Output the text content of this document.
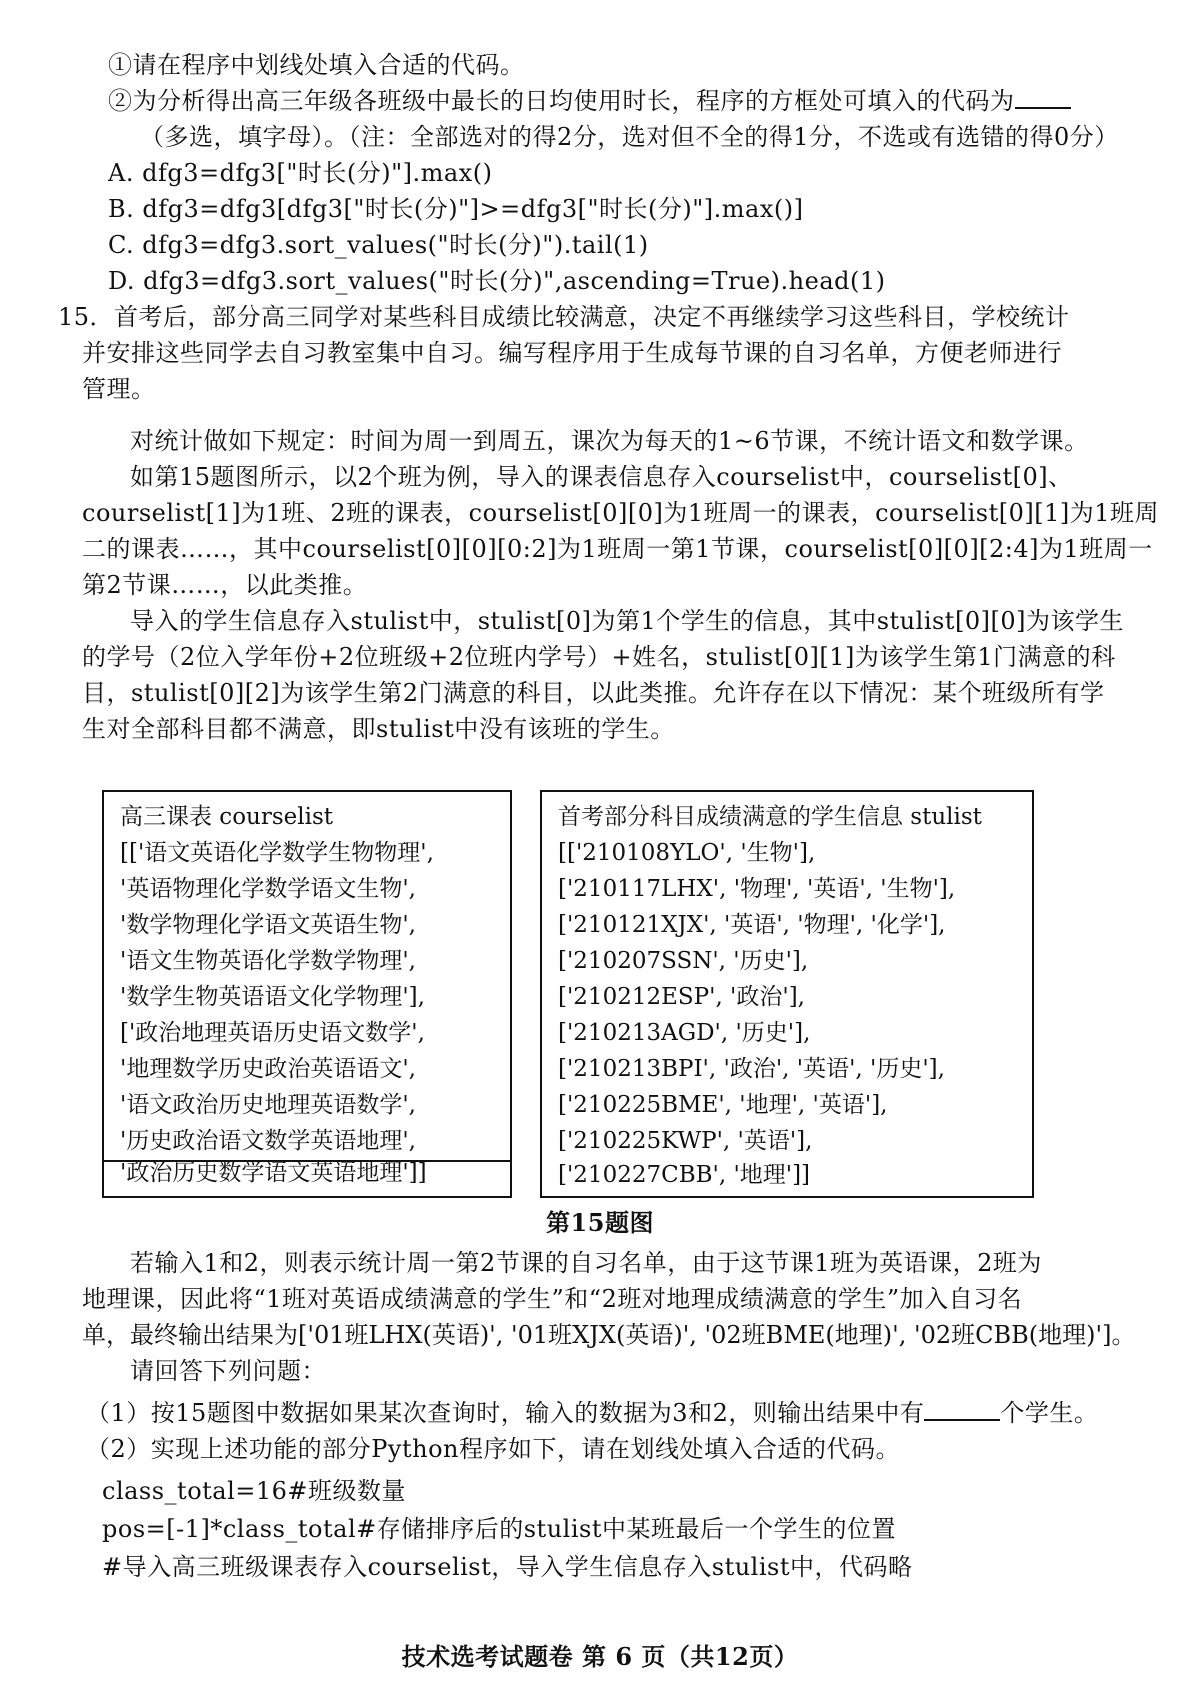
①请在程序中划线处填入合适的代码。
②为分析得出高三年级各班级中最长的日均使用时长，程序的方框处可填入的代码为
（多选，填字母）。（注：全部选对的得2分，选对但不全的得1分，不选或有选错的得0分）
A. dfg3=dfg3["时长(分)"].max()
B. dfg3=dfg3[dfg3["时长(分)"]>=dfg3["时长(分)"].max()]
C. dfg3=dfg3.sort_values("时长(分)").tail(1)
D. dfg3=dfg3.sort_values("时长(分)",ascending=True).head(1)
15．首考后，部分高三同学对某些科目成绩比较满意，决定不再继续学习这些科目，学校统计
并安排这些同学去自习教室集中自习。编写程序用于生成每节课的自习名单，方便老师进行
管理。
对统计做如下规定：时间为周一到周五，课次为每天的1~6节课，不统计语文和数学课。
如第15题图所示，以2个班为例，导入的课表信息存入courselist中，courselist[0]、
courselist[1]为1班、2班的课表，courselist[0][0]为1班周一的课表，courselist[0][1]为1班周
二的课表……，其中courselist[0][0][0:2]为1班周一第1节课，courselist[0][0][2:4]为1班周一
第2节课……，以此类推。
导入的学生信息存入stulist中，stulist[0]为第1个学生的信息，其中stulist[0][0]为该学生
的学号（2位入学年份+2位班级+2位班内学号）+姓名，stulist[0][1]为该学生第1门满意的科
目，stulist[0][2]为该学生第2门满意的科目，以此类推。允许存在以下情况：某个班级所有学
生对全部科目都不满意，即stulist中没有该班的学生。
高三课表 courselist
[['语文英语化学数学生物物理',
'英语物理化学数学语文生物',
'数学物理化学语文英语生物',
'语文生物英语化学数学物理',
'数学生物英语语文化学物理'],
['政治地理英语历史语文数学',
'地理数学历史政治英语语文',
'语文政治历史地理英语数学',
'历史政治语文数学英语地理',
'政治历史数学语文英语地理']]
首考部分科目成绩满意的学生信息 stulist
[['210108YLO', '生物'],
['210117LHX', '物理', '英语', '生物'],
['210121XJX', '英语', '物理', '化学'],
['210207SSN', '历史'],
['210212ESP', '政治'],
['210213AGD', '历史'],
['210213BPI', '政治', '英语', '历史'],
['210225BME', '地理', '英语'],
['210225KWP', '英语'],
['210227CBB', '地理']]
第15题图
若输入1和2，则表示统计周一第2节课的自习名单，由于这节课1班为英语课，2班为
地理课，因此将“1班对英语成绩满意的学生”和“2班对地理成绩满意的学生”加入自习名
单，最终输出结果为['01班LHX(英语)', '01班XJX(英语)', '02班BME(地理)', '02班CBB(地理)']。
请回答下列问题：
（1）按15题图中数据如果某次查询时，输入的数据为3和2，则输出结果中有	个学生。
（2）实现上述功能的部分Python程序如下，请在划线处填入合适的代码。
class_total=16#班级数量
pos=[-1]*class_total#存储排序后的stulist中某班最后一个学生的位置
#导入高三班级课表存入courselist，导入学生信息存入stulist中，代码略
技术选考试题卷 第 6 页（共12页）
